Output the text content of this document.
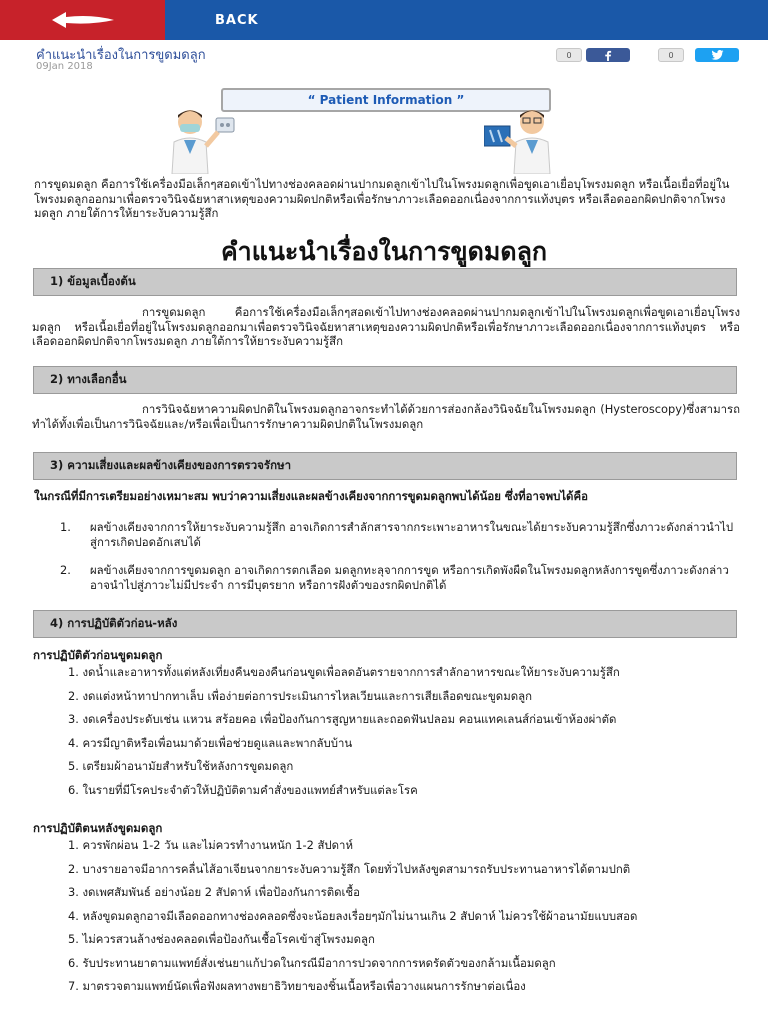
BACK
คำแนะนำเรื่องในการขูดมดลูก
09Jan 2018
0	0
“ Patient Information ”
การขูดมดลูก คือการใช้เครื่องมือเล็กๆสอดเข้าไปทางช่องคลอดผ่านปากมดลูกเข้าไปในโพรงมดลูกเพื่อขูดเอาเยื่อบุโพรงมดลูก หรือเนื้อเยื่อที่อยู่ในโพรงมดลูกออกมาเพื่อตรวจวินิจฉัยหาสาเหตุของความผิดปกติหรือเพื่อรักษาภาวะเลือดออกเนื่องจากการแท้งบุตร หรือเลือดออกผิดปกติจากโพรงมดลูก ภายใต้การให้ยาระงับความรู้สึก
คำแนะนำเรื่องในการขูดมดลูก
1) ข้อมูลเบื้องต้น
การขูดมดลูก คือการใช้เครื่องมือเล็กๆสอดเข้าไปทางช่องคลอดผ่านปากมดลูกเข้าไปในโพรงมดลูกเพื่อขูดเอาเยื่อบุโพรงมดลูก หรือเนื้อเยื่อที่อยู่ในโพรงมดลูกออกมาเพื่อตรวจวินิจฉัยหาสาเหตุของความผิดปกติหรือเพื่อรักษาภาวะเลือดออกเนื่องจากการแท้งบุตร หรือเลือดออกผิดปกติจากโพรงมดลูก ภายใต้การให้ยาระงับความรู้สึก
2) ทางเลือกอื่น
การวินิจฉัยหาความผิดปกติในโพรงมดลูกอาจกระทำได้ด้วยการส่องกล้องวินิจฉัยในโพรงมดลูก (Hysteroscopy)ซึ่งสามารถทำได้ทั้งเพื่อเป็นการวินิจฉัยและ/หรือเพื่อเป็นการรักษาความผิดปกติในโพรงมดลูก
3) ความเสี่ยงและผลข้างเคียงของการตรวจรักษา
ในกรณีที่มีการเตรียมอย่างเหมาะสม พบว่าความเสี่ยงและผลข้างเคียงจากการขูดมดลูกพบได้น้อย ซึ่งที่อาจพบได้คือ
1.	ผลข้างเคียงจากการให้ยาระงับความรู้สึก อาจเกิดการสำลักสารจากกระเพาะอาหารในขณะได้ยาระงับความรู้สึกซึ่งภาวะดังกล่าวนำไปสู่การเกิดปอดอักเสบได้
2.	ผลข้างเคียงจากการขูดมดลูก อาจเกิดการตกเลือด มดลูกทะลุจากการขูด หรือการเกิดพังผืดในโพรงมดลูกหลังการขูดซึ่งภาวะดังกล่าวอาจนำไปสู่ภาวะไม่มีประจำ การมีบุตรยาก หรือการฝังตัวของรกผิดปกติได้
4) การปฏิบัติตัวก่อน-หลัง
การปฏิบัติตัวก่อนขูดมดลูก
1. งดน้ำและอาหารทั้งแต่หลังเที่ยงคืนของคืนก่อนขูดเพื่อลดอันตรายจากการสำลักอาหารขณะให้ยาระงับความรู้สึก
2. งดแต่งหน้าทาปากทาเล็บ เพื่อง่ายต่อการประเมินการไหลเวียนและการเสียเลือดขณะขูดมดลูก
3. งดเครื่องประดับเช่น แหวน สร้อยคอ เพื่อป้องกันการสูญหายและถอดฟันปลอม คอนแทคเลนส์ก่อนเข้าห้องผ่าตัด
4. ควรมีญาติหรือเพื่อนมาด้วยเพื่อช่วยดูแลและพากลับบ้าน
5. เตรียมผ้าอนามัยสำหรับใช้หลังการขูดมดลูก
6. ในรายที่มีโรคประจำตัวให้ปฏิบัติตามคำสั่งของแพทย์สำหรับแต่ละโรค
การปฏิบัติตนหลังขูดมดลูก
1. ควรพักผ่อน 1-2 วัน และไม่ควรทำงานหนัก 1-2 สัปดาห์
2. บางรายอาจมีอาการคลื่นไส้อาเจียนจากยาระงับความรู้สึก โดยทั่วไปหลังขูดสามารถรับประทานอาหารได้ตามปกติ
3. งดเพศสัมพันธ์ อย่างน้อย 2 สัปดาห์ เพื่อป้องกันการติดเชื้อ
4. หลังขูดมดลูกอาจมีเลือดออกทางช่องคลอดซึ่งจะน้อยลงเรื่อยๆมักไม่นานเกิน 2 สัปดาห์ ไม่ควรใช้ผ้าอนามัยแบบสอด
5. ไม่ควรสวนล้างช่องคลอดเพื่อป้องกันเชื้อโรคเข้าสู่โพรงมดลูก
6. รับประทานยาตามแพทย์สั่งเช่นยาแก้ปวดในกรณีมีอาการปวดจากการหดรัดตัวของกล้ามเนื้อมดลูก
7. มาตรวจตามแพทย์นัดเพื่อฟังผลทางพยาธิวิทยาของชิ้นเนื้อหรือเพื่อวางแผนการรักษาต่อเนื่อง
